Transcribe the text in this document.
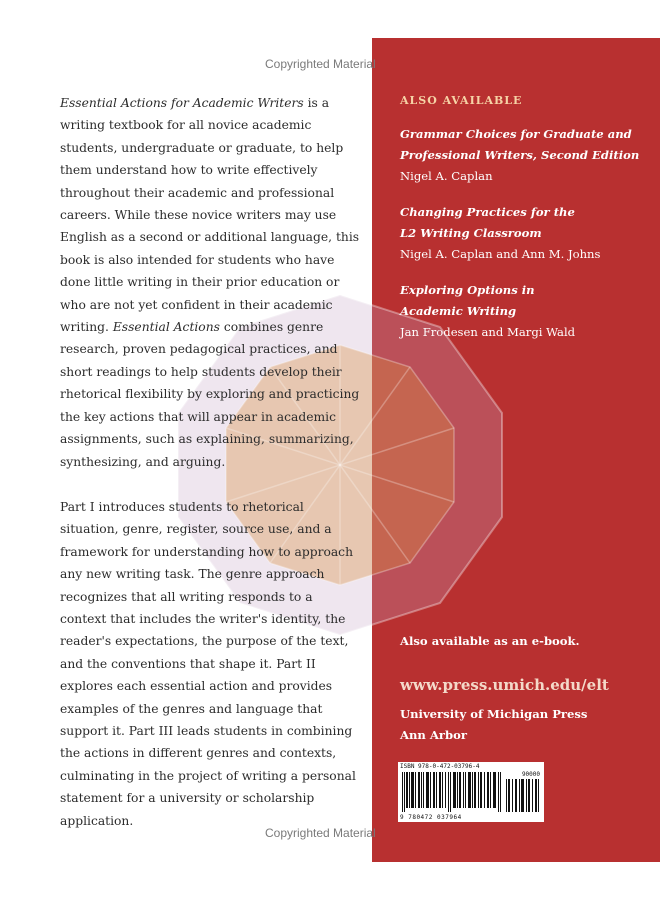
Copyrighted Material

Essential Actions for Academic Writers is a writing textbook for all novice academic students, undergraduate or graduate, to help them understand how to write effectively throughout their academic and professional careers. While these novice writers may use English as a second or additional language, this book is also intended for students who have done little writing in their prior education or who are not yet confident in their academic writing. Essential Actions combines genre research, proven pedagogical practices, and short readings to help students develop their rhetorical flexibility by exploring and practicing the key actions that will appear in academic assignments, such as explaining, summarizing, synthesizing, and arguing.

Part I introduces students to rhetorical situation, genre, register, source use, and a framework for understanding how to approach any new writing task. The genre approach recognizes that all writing responds to a context that includes the writer's identity, the reader's expectations, the purpose of the text, and the conventions that shape it. Part II explores each essential action and provides examples of the genres and language that support it. Part III leads students in combining the actions in different genres and contexts, culminating in the project of writing a personal statement for a university or scholarship application.

ALSO AVAILABLE
Grammar Choices for Graduate and
Professional Writers, Second Edition
Nigel A. Caplan
Changing Practices for the
L2 Writing Classroom
Nigel A. Caplan and Ann M. Johns
Exploring Options in
Academic Writing
Jan Frodesen and Margi Wald
Also available as an e-book.
www.press.umich.edu/elt
University of Michigan Press
Ann Arbor
ISBN 978-0-472-03796-4
90000
9 780472 037964
Copyrighted Material
